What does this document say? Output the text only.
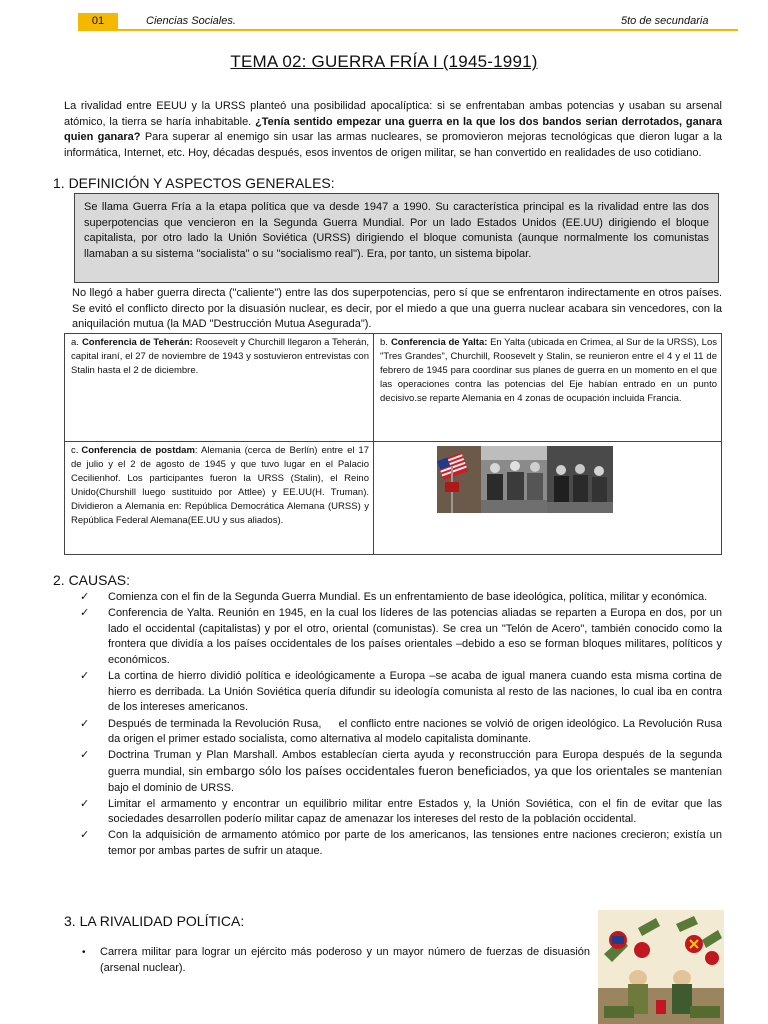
01	Ciencias Sociales.	5to de secundaria
TEMA 02: GUERRA FRÍA I (1945-1991)
La rivalidad entre EEUU y la URSS planteó una posibilidad apocalíptica: si se enfrentaban ambas potencias y usaban su arsenal atómico, la tierra se haría inhabitable. ¿Tenía sentido empezar una guerra en la que los dos bandos serian derrotados, ganara quien ganara? Para superar al enemigo sin usar las armas nucleares, se promovieron mejoras tecnológicas que dieron lugar a la informática, Internet, etc. Hoy, décadas después, esos inventos de origen militar, se han convertido en realidades de uso cotidiano.
1. DEFINICIÓN Y ASPECTOS GENERALES:
Se llama Guerra Fría a la etapa política que va desde 1947 a 1990. Su característica principal es la rivalidad entre las dos superpotencias que vencieron en la Segunda Guerra Mundial. Por un lado Estados Unidos (EE.UU) dirigiendo el bloque capitalista, por otro lado la Unión Soviética (URSS) dirigiendo el bloque comunista (aunque normalmente los comunistas llamaban a su sistema "socialista" o su "socialismo real"). Era, por tanto, un sistema bipolar.
No llegó a haber guerra directa ("caliente") entre las dos superpotencias, pero sí que se enfrentaron indirectamente en otros países. Se evitó el conflicto directo por la disuasión nuclear, es decir, por el miedo a que una guerra nuclear acabara sin vencedores, con la aniquilación mutua (la MAD "Destrucción Mutua Asegurada").
a. Conferencia de Teherán: Roosevelt y Churchill llegaron a Teherán, capital iraní, el 27 de noviembre de 1943 y sostuvieron entrevistas con Stalin hasta el 2 de diciembre.
b. Conferencia de Yalta: En Yalta (ubicada en Crimea, al Sur de la URSS), Los "Tres Grandes", Churchill, Roosevelt y Stalin, se reunieron entre el 4 y el 11 de febrero de 1945 para coordinar sus planes de guerra en un momento en el que las operaciones contra las potencias del Eje habían entrado en un punto decisivo.se reparte Alemania en 4 zonas de ocupación incluida Francia.
c. Conferencia de postdam: Alemania (cerca de Berlín) entre el 17 de julio y el 2 de agosto de 1945 y que tuvo lugar en el Palacio Cecilienhof. Los participantes fueron la URSS (Stalin), el Reino Unido(Churshill luego sustituido por Attlee) y EE.UU(H. Truman). Dividieron a Alemania en: República Democrática Alemana (URSS) y República Federal Alemana(EE.UU y sus aliados).
2. CAUSAS:
✓ Comienza con el fin de la Segunda Guerra Mundial. Es un enfrentamiento de base ideológica, política, militar y económica.
✓ Conferencia de Yalta. Reunión en 1945, en la cual los líderes de las potencias aliadas se reparten a Europa en dos, por un lado el occidental (capitalistas) y por el otro, oriental (comunistas). Se crea un "Telón de Acero", también conocido como la frontera que dividía a los países occidentales de los países orientales –debido a eso se forman bloques militares, políticos y económicos.
✓ La cortina de hierro dividió política e ideológicamente a Europa –se acaba de igual manera cuando esta misma cortina de hierro es derribada. La Unión Soviética quería difundir su ideología comunista al resto de las naciones, lo cual iba en contra de los intereses americanos.
✓ Después de terminada la Revolución Rusa,     el conflicto entre naciones se volvió de origen ideológico. La Revolución Rusa da origen el primer estado socialista, como alternativa al modelo capitalista dominante.
✓ Doctrina Truman y Plan Marshall. Ambos establecían cierta ayuda y reconstrucción para Europa después de la segunda guerra mundial, sin embargo sólo los países occidentales fueron beneficiados, ya que los orientales se mantenían bajo el dominio de URSS.
✓ Limitar el armamento y encontrar un equilibrio militar entre Estados y, la Unión Soviética, con el fin de evitar que las sociedades desarrollen poderío militar capaz de amenazar los intereses del resto de la población occidental.
✓ Con la adquisición de armamento atómico por parte de los americanos, las tensiones entre naciones crecieron; existía un temor por ambas partes de sufrir un ataque.
3. LA RIVALIDAD POLÍTICA:
• Carrera militar para lograr un ejército más poderoso y un mayor número de fuerzas de disuasión (arsenal nuclear).
